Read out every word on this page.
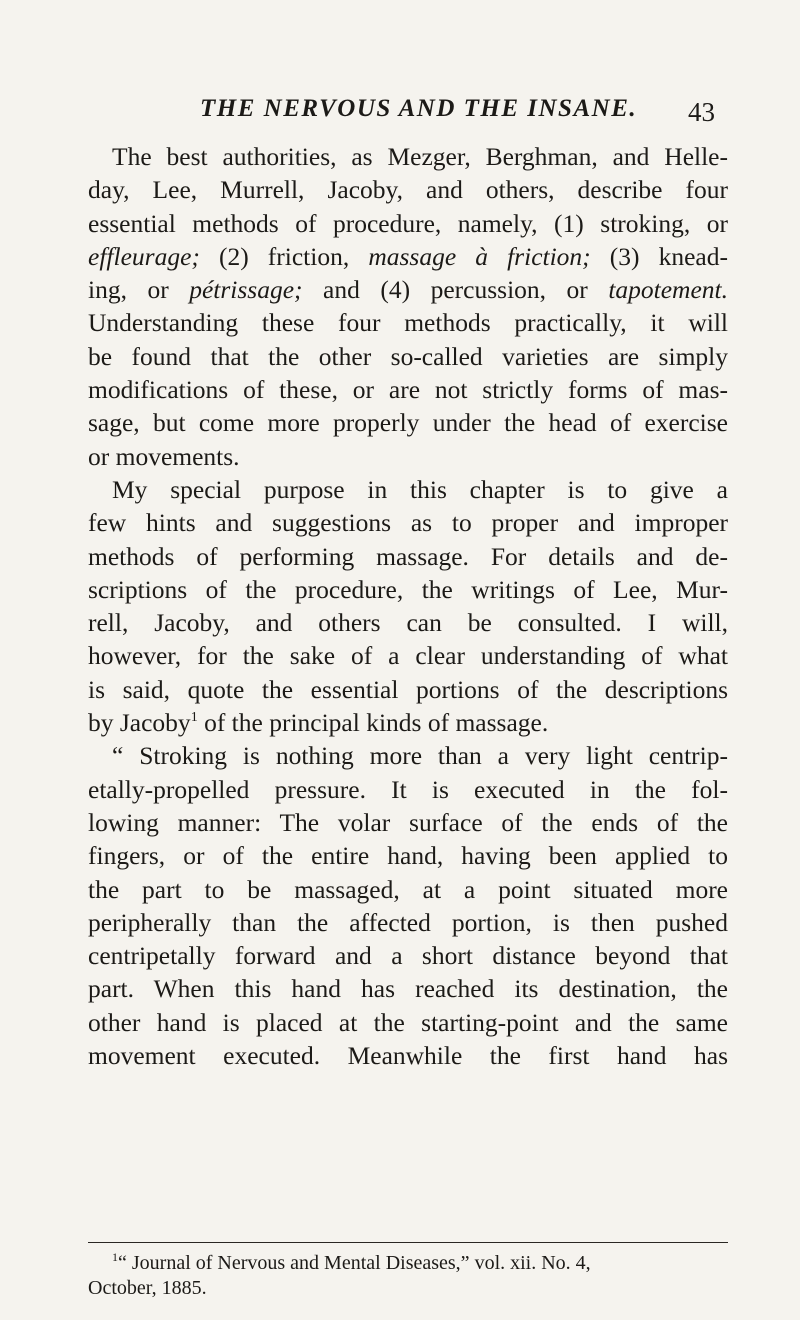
THE NERVOUS AND THE INSANE. 43
The best authorities, as Mezger, Berghman, and Helle-
day, Lee, Murrell, Jacoby, and others, describe four
essential methods of procedure, namely, (1) stroking, or
effleurage; (2) friction, massage à friction; (3) knead-
ing, or pétrissage; and (4) percussion, or tapotement.
Understanding these four methods practically, it will
be found that the other so-called varieties are simply
modifications of these, or are not strictly forms of mas-
sage, but come more properly under the head of exercise
or movements.
My special purpose in this chapter is to give a
few hints and suggestions as to proper and improper
methods of performing massage. For details and de-
scriptions of the procedure, the writings of Lee, Mur-
rell, Jacoby, and others can be consulted. I will,
however, for the sake of a clear understanding of what
is said, quote the essential portions of the descriptions
by Jacoby$^1$ of the principal kinds of massage.
“ Stroking is nothing more than a very light centrip-
etally-propelled pressure. It is executed in the fol-
lowing manner: The volar surface of the ends of the
fingers, or of the entire hand, having been applied to
the part to be massaged, at a point situated more
peripherally than the affected portion, is then pushed
centripetally forward and a short distance beyond that
part. When this hand has reached its destination, the
other hand is placed at the starting-point and the same
movement executed. Meanwhile the first hand has
$^1$“ Journal of Nervous and Mental Diseases,” vol. xii. No. 4,
October, 1885.
